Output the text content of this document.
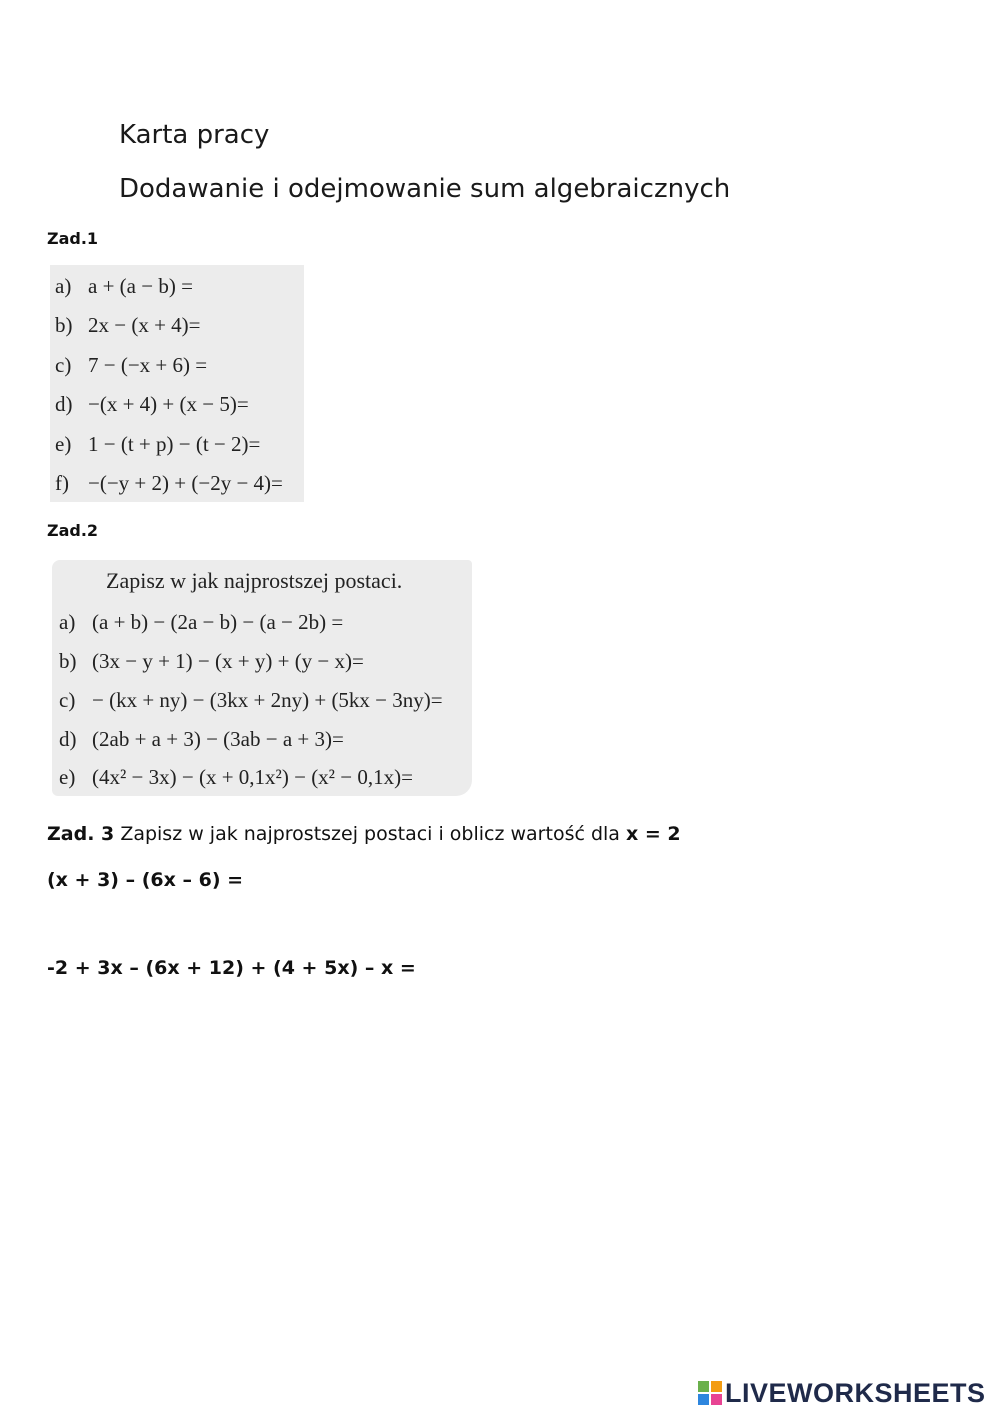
Karta pracy
Dodawanie i odejmowanie sum algebraicznych
Zad.1
a) a + (a − b) =
b) 2x − (x + 4)=
c) 7 − (−x + 6) =
d) −(x + 4) + (x − 5)=
e) 1 − (t + p) − (t − 2)=
f) −(−y + 2) + (−2y − 4)=
Zad.2
Zapisz w jak najprostszej postaci.
a) (a + b) − (2a − b) − (a − 2b) =
b) (3x − y + 1) − (x + y) + (y − x)=
c) − (kx + ny) − (3kx + 2ny) + (5kx − 3ny)=
d) (2ab + a + 3) − (3ab − a + 3)=
e) (4x² − 3x) − (x + 0,1x²) − (x² − 0,1x)=
Zad. 3 Zapisz w jak najprostszej postaci i oblicz wartość dla x = 2
(x + 3) – (6x – 6) =
-2 + 3x – (6x + 12) + (4 + 5x) – x =
LIVEWORKSHEETS
